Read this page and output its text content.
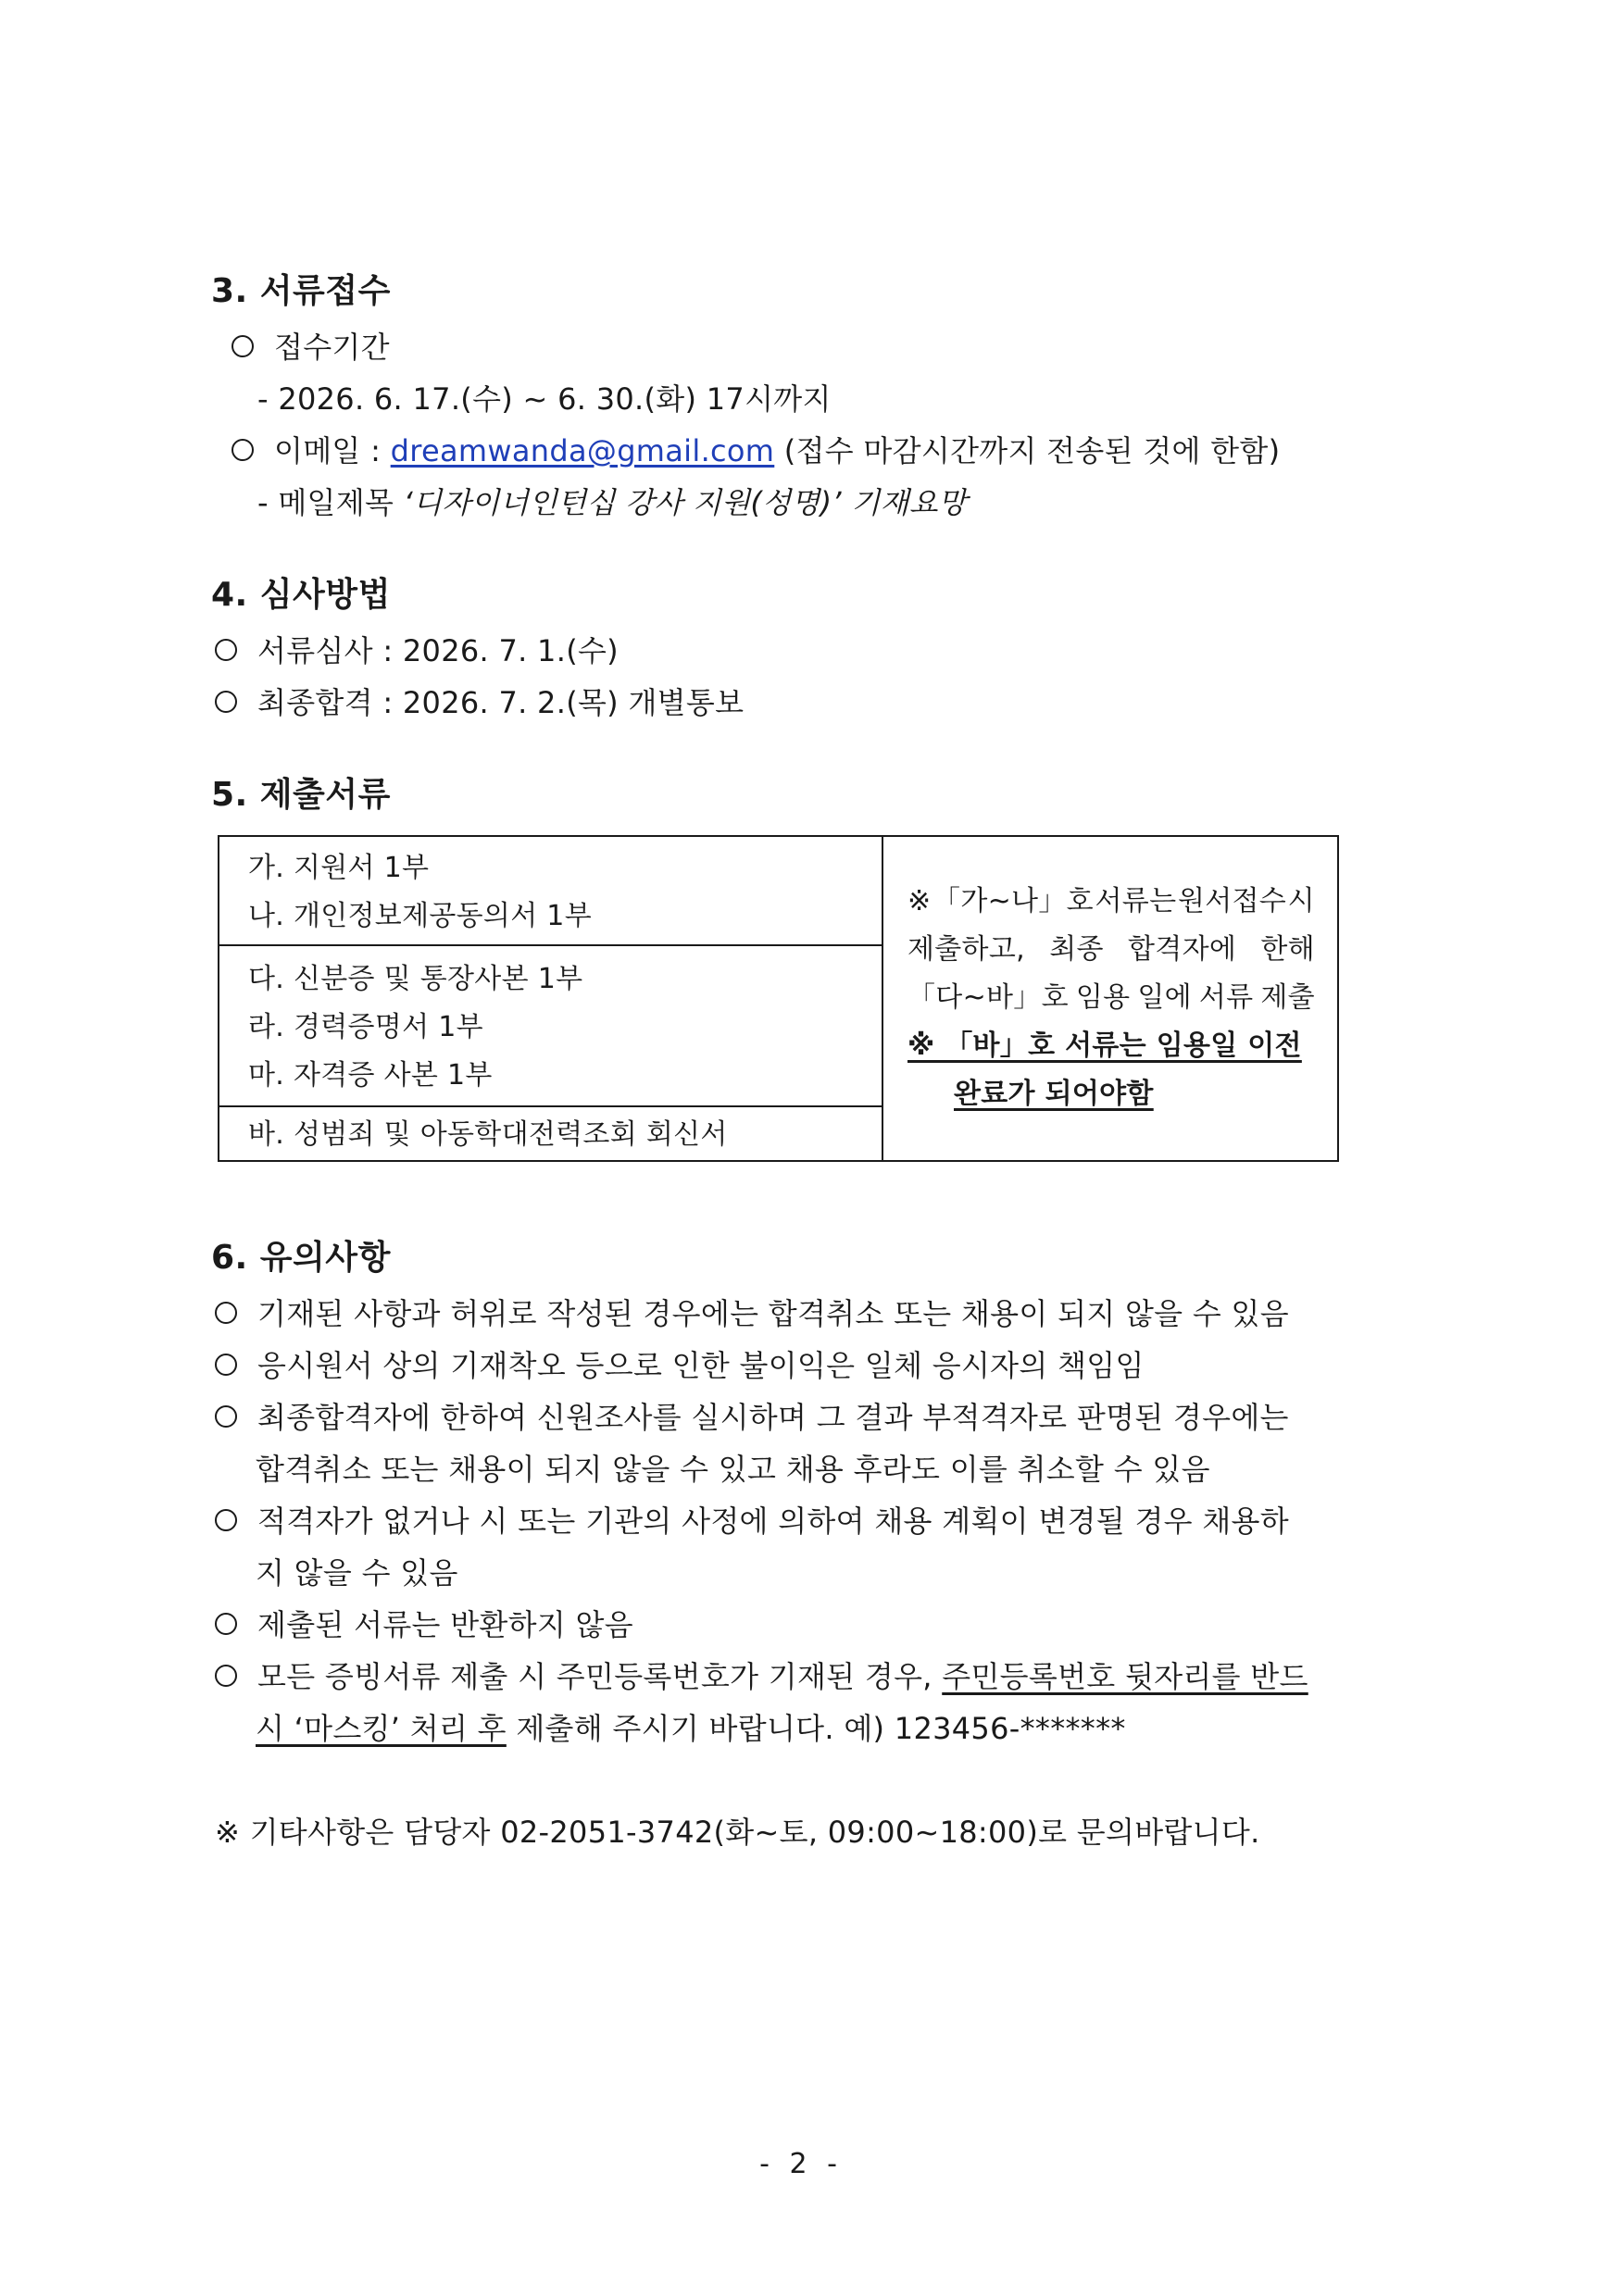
3. 서류접수
접수기간
- 2026. 6. 17.(수) ~ 6. 30.(화) 17시까지
이메일 : dreamwanda@gmail.com (접수 마감시간까지 전송된 것에 한함)
- 메일제목 ‘디자이너인턴십 강사 지원(성명)’ 기재요망
4. 심사방법
서류심사 : 2026. 7. 1.(수)
최종합격 : 2026. 7. 2.(목) 개별통보
5. 제출서류
가. 지원서 1부
나. 개인정보제공동의서 1부
다. 신분증 및 통장사본 1부
라. 경력증명서 1부
마. 자격증 사본 1부
바. 성범죄 및 아동학대전력조회 회신서
※ 「가~나」호 서류는 원서접수 시
제출하고, 최종 합격자에 한해
「다~바」호 임용 일에 서류 제출
※ 「바」호 서류는 임용일 이전
완료가 되어야함
6. 유의사항
기재된 사항과 허위로 작성된 경우에는 합격취소 또는 채용이 되지 않을 수 있음
응시원서 상의 기재착오 등으로 인한 불이익은 일체 응시자의 책임임
최종합격자에 한하여 신원조사를 실시하며 그 결과 부적격자로 판명된 경우에는
합격취소 또는 채용이 되지 않을 수 있고 채용 후라도 이를 취소할 수 있음
적격자가 없거나 시 또는 기관의 사정에 의하여 채용 계획이 변경될 경우 채용하
지 않을 수 있음
제출된 서류는 반환하지 않음
모든 증빙서류 제출 시 주민등록번호가 기재된 경우, 주민등록번호 뒷자리를 반드
시 ‘마스킹’ 처리 후 제출해 주시기 바랍니다. 예) 123456-*******
※ 기타사항은 담당자 02-2051-3742(화~토, 09:00~18:00)로 문의바랍니다.
- 2 -
